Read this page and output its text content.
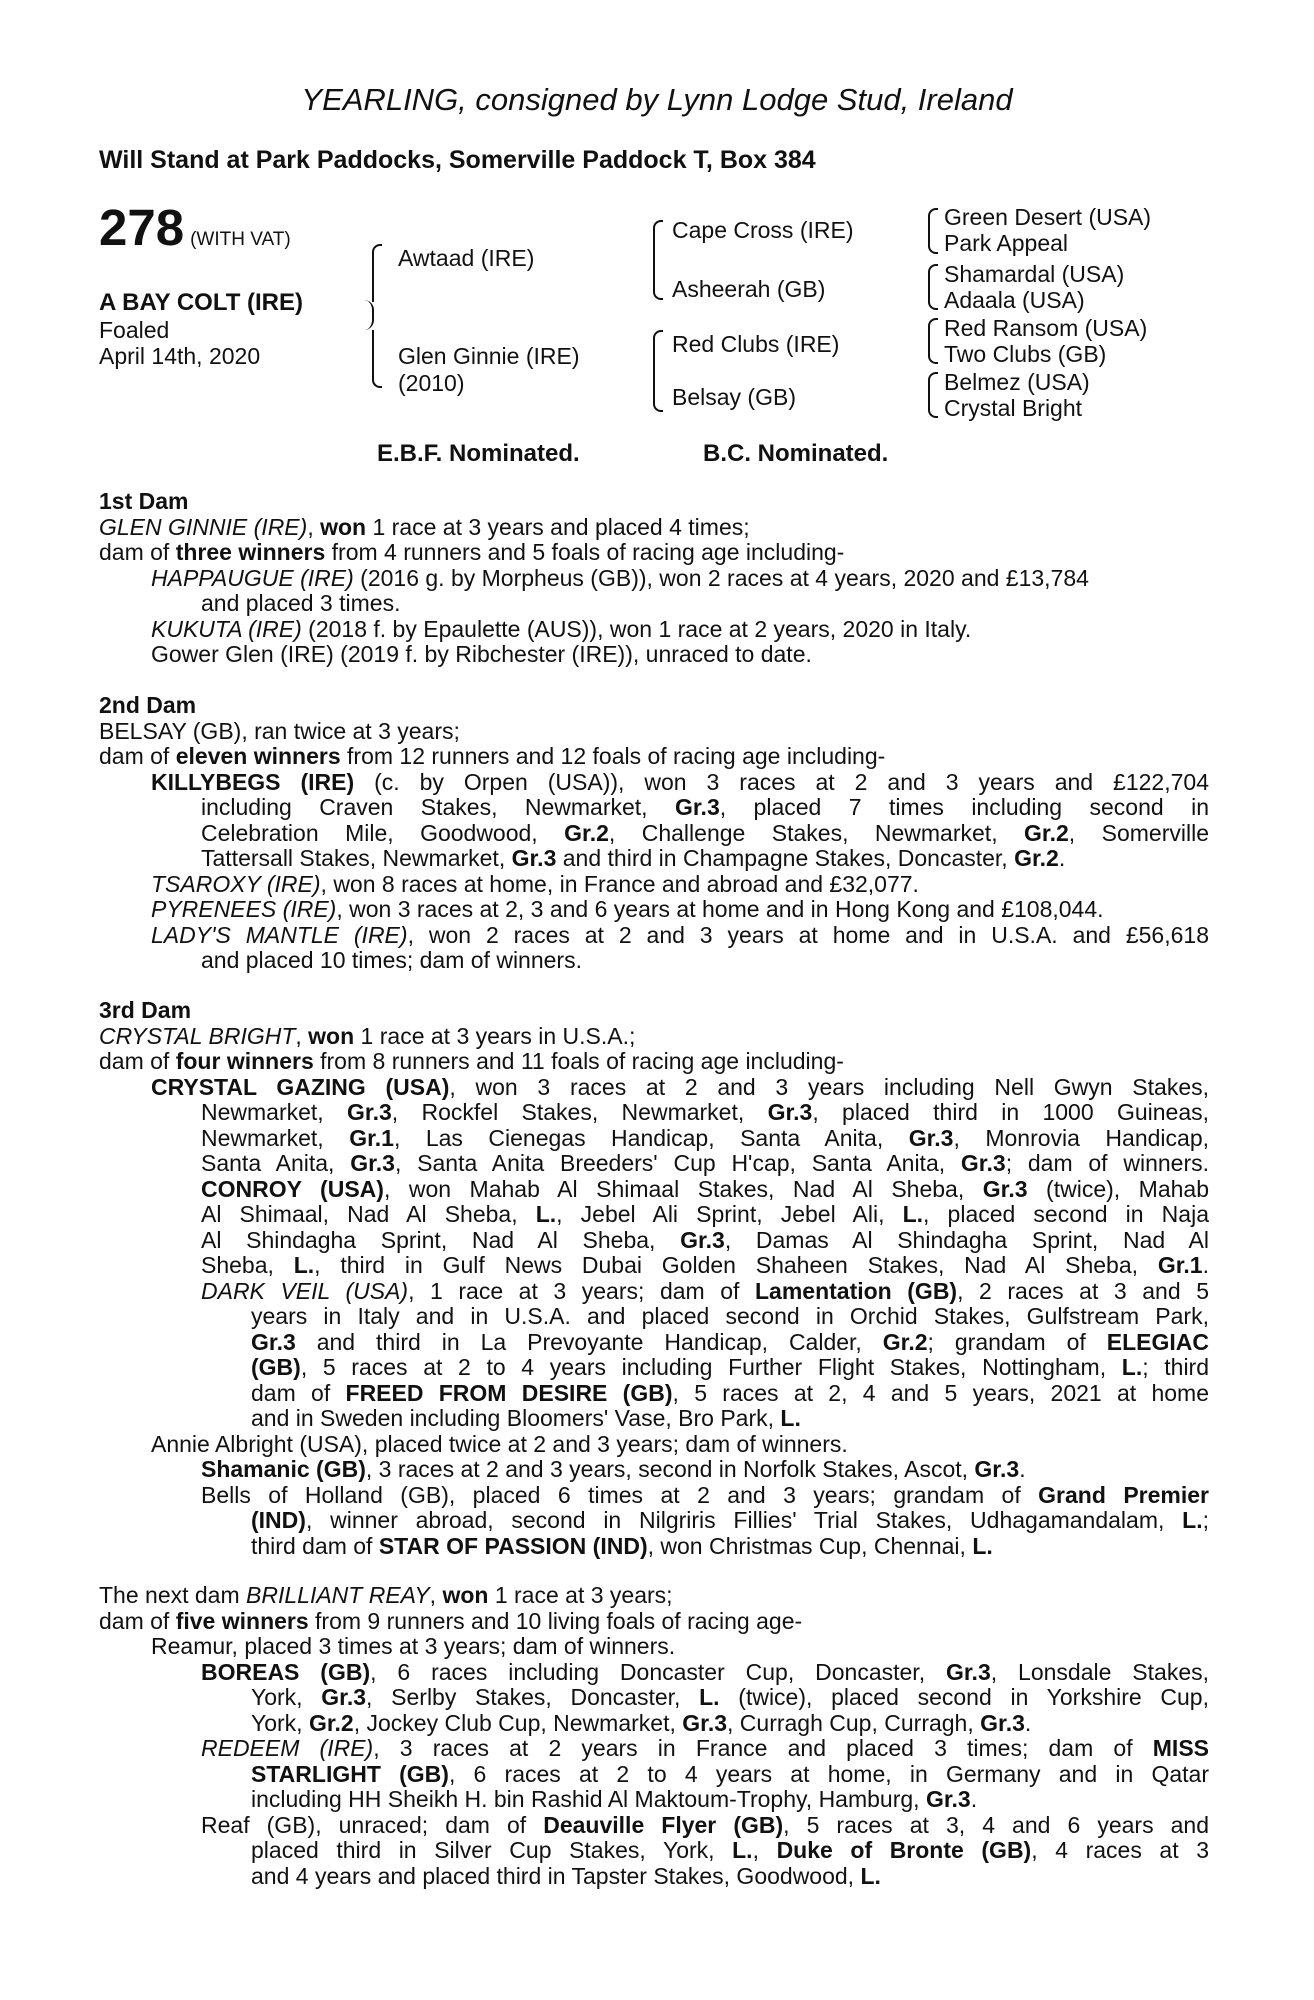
YEARLING, consigned by Lynn Lodge Stud, Ireland
Will Stand at Park Paddocks, Somerville Paddock T, Box 384
278 (WITH VAT)
A BAY COLT (IRE)
Foaled
April 14th, 2020
Awtaad (IRE)
Glen Ginnie (IRE)
(2010)
Cape Cross (IRE)
Asheerah (GB)
Red Clubs (IRE)
Belsay (GB)
Green Desert (USA)
Park Appeal
Shamardal (USA)
Adaala (USA)
Red Ransom (USA)
Two Clubs (GB)
Belmez (USA)
Crystal Bright
E.B.F. Nominated.	B.C. Nominated.
1st Dam
GLEN GINNIE (IRE), won 1 race at 3 years and placed 4 times;
dam of three winners from 4 runners and 5 foals of racing age including-
HAPPAUGUE (IRE) (2016 g. by Morpheus (GB)), won 2 races at 4 years, 2020 and £13,784
and placed 3 times.
KUKUTA (IRE) (2018 f. by Epaulette (AUS)), won 1 race at 2 years, 2020 in Italy.
Gower Glen (IRE) (2019 f. by Ribchester (IRE)), unraced to date.
2nd Dam
BELSAY (GB), ran twice at 3 years;
dam of eleven winners from 12 runners and 12 foals of racing age including-
KILLYBEGS (IRE) (c. by Orpen (USA)), won 3 races at 2 and 3 years and £122,704
including Craven Stakes, Newmarket, Gr.3, placed 7 times including second in
Celebration Mile, Goodwood, Gr.2, Challenge Stakes, Newmarket, Gr.2, Somerville
Tattersall Stakes, Newmarket, Gr.3 and third in Champagne Stakes, Doncaster, Gr.2.
TSAROXY (IRE), won 8 races at home, in France and abroad and £32,077.
PYRENEES (IRE), won 3 races at 2, 3 and 6 years at home and in Hong Kong and £108,044.
LADY'S MANTLE (IRE), won 2 races at 2 and 3 years at home and in U.S.A. and £56,618
and placed 10 times; dam of winners.
3rd Dam
CRYSTAL BRIGHT, won 1 race at 3 years in U.S.A.;
dam of four winners from 8 runners and 11 foals of racing age including-
CRYSTAL GAZING (USA), won 3 races at 2 and 3 years including Nell Gwyn Stakes,
Newmarket, Gr.3, Rockfel Stakes, Newmarket, Gr.3, placed third in 1000 Guineas,
Newmarket, Gr.1, Las Cienegas Handicap, Santa Anita, Gr.3, Monrovia Handicap,
Santa Anita, Gr.3, Santa Anita Breeders' Cup H'cap, Santa Anita, Gr.3; dam of winners.
CONROY (USA), won Mahab Al Shimaal Stakes, Nad Al Sheba, Gr.3 (twice), Mahab
Al Shimaal, Nad Al Sheba, L., Jebel Ali Sprint, Jebel Ali, L., placed second in Naja
Al Shindagha Sprint, Nad Al Sheba, Gr.3, Damas Al Shindagha Sprint, Nad Al
Sheba, L., third in Gulf News Dubai Golden Shaheen Stakes, Nad Al Sheba, Gr.1.
DARK VEIL (USA), 1 race at 3 years; dam of Lamentation (GB), 2 races at 3 and 5
years in Italy and in U.S.A. and placed second in Orchid Stakes, Gulfstream Park,
Gr.3 and third in La Prevoyante Handicap, Calder, Gr.2; grandam of ELEGIAC
(GB), 5 races at 2 to 4 years including Further Flight Stakes, Nottingham, L.; third
dam of FREED FROM DESIRE (GB), 5 races at 2, 4 and 5 years, 2021 at home
and in Sweden including Bloomers' Vase, Bro Park, L.
Annie Albright (USA), placed twice at 2 and 3 years; dam of winners.
Shamanic (GB), 3 races at 2 and 3 years, second in Norfolk Stakes, Ascot, Gr.3.
Bells of Holland (GB), placed 6 times at 2 and 3 years; grandam of Grand Premier
(IND), winner abroad, second in Nilgriris Fillies' Trial Stakes, Udhagamandalam, L.;
third dam of STAR OF PASSION (IND), won Christmas Cup, Chennai, L.
The next dam BRILLIANT REAY, won 1 race at 3 years;
dam of five winners from 9 runners and 10 living foals of racing age-
Reamur, placed 3 times at 3 years; dam of winners.
BOREAS (GB), 6 races including Doncaster Cup, Doncaster, Gr.3, Lonsdale Stakes,
York, Gr.3, Serlby Stakes, Doncaster, L. (twice), placed second in Yorkshire Cup,
York, Gr.2, Jockey Club Cup, Newmarket, Gr.3, Curragh Cup, Curragh, Gr.3.
REDEEM (IRE), 3 races at 2 years in France and placed 3 times; dam of MISS
STARLIGHT (GB), 6 races at 2 to 4 years at home, in Germany and in Qatar
including HH Sheikh H. bin Rashid Al Maktoum-Trophy, Hamburg, Gr.3.
Reaf (GB), unraced; dam of Deauville Flyer (GB), 5 races at 3, 4 and 6 years and
placed third in Silver Cup Stakes, York, L., Duke of Bronte (GB), 4 races at 3
and 4 years and placed third in Tapster Stakes, Goodwood, L.
